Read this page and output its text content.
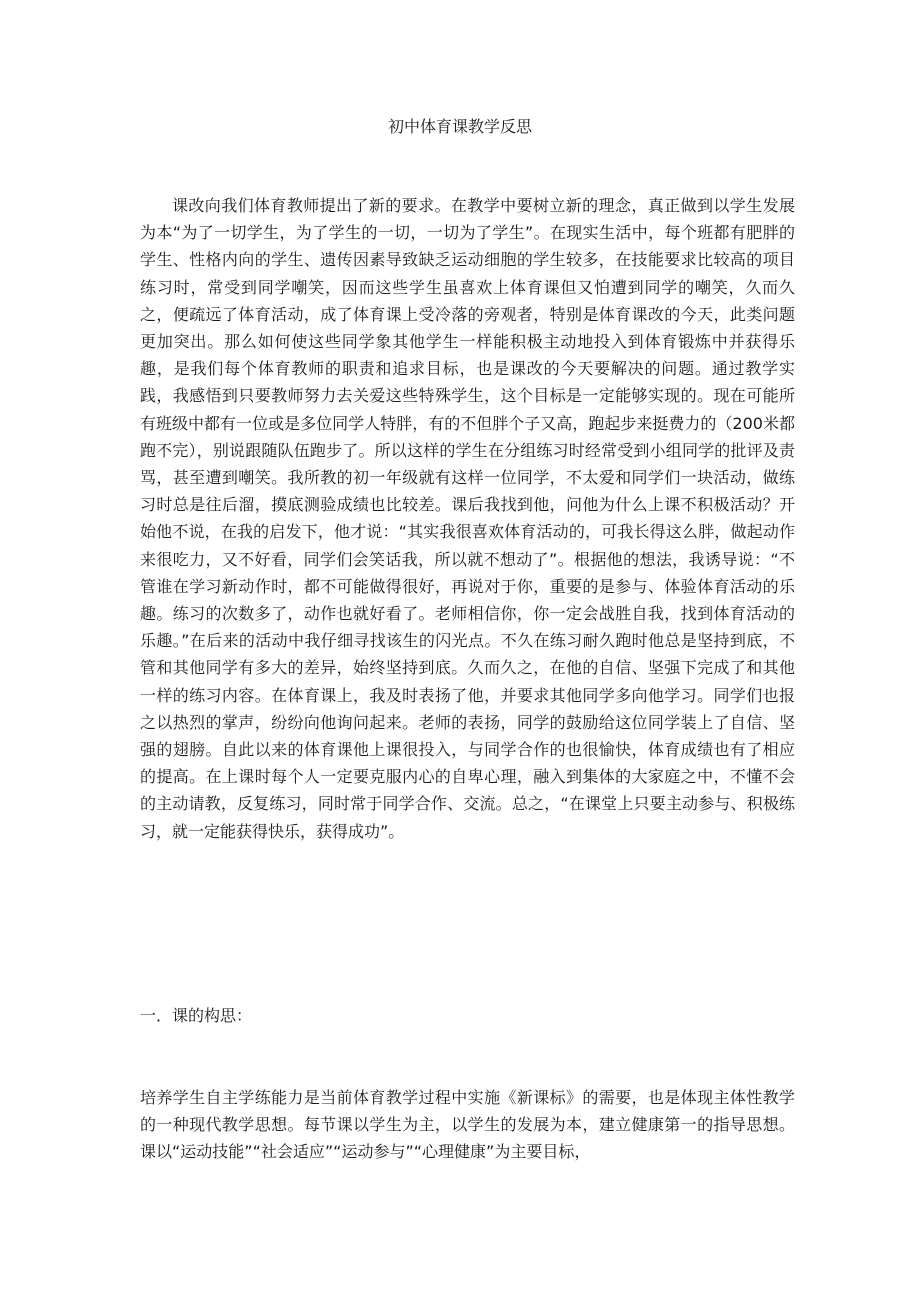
初中体育课教学反思

课改向我们体育教师提出了新的要求。在教学中要树立新的理念，真正做到以学生发展为本“为了一切学生，为了学生的一切，一切为了学生”。在现实生活中，每个班都有肥胖的学生、性格内向的学生、遗传因素导致缺乏运动细胞的学生较多，在技能要求比较高的项目练习时，常受到同学嘲笑，因而这些学生虽喜欢上体育课但又怕遭到同学的嘲笑，久而久之，便疏远了体育活动，成了体育课上受冷落的旁观者，特别是体育课改的今天，此类问题更加突出。那么如何使这些同学象其他学生一样能积极主动地投入到体育锻炼中并获得乐趣，是我们每个体育教师的职责和追求目标，也是课改的今天要解决的问题。通过教学实践，我感悟到只要教师努力去关爱这些特殊学生，这个目标是一定能够实现的。现在可能所有班级中都有一位或是多位同学人特胖，有的不但胖个子又高，跑起步来挺费力的（200米都跑不完），别说跟随队伍跑步了。所以这样的学生在分组练习时经常受到小组同学的批评及责骂，甚至遭到嘲笑。我所教的初一年级就有这样一位同学，不太爱和同学们一块活动，做练习时总是往后溜，摸底测验成绩也比较差。课后我找到他，问他为什么上课不积极活动？开始他不说，在我的启发下，他才说：“其实我很喜欢体育活动的，可我长得这么胖，做起动作来很吃力，又不好看，同学们会笑话我，所以就不想动了”。根据他的想法，我诱导说：“不管谁在学习新动作时，都不可能做得很好，再说对于你，重要的是参与、体验体育活动的乐趣。练习的次数多了，动作也就好看了。老师相信你，你一定会战胜自我，找到体育活动的乐趣。”在后来的活动中我仔细寻找该生的闪光点。不久在练习耐久跑时他总是坚持到底，不管和其他同学有多大的差异，始终坚持到底。久而久之，在他的自信、坚强下完成了和其他一样的练习内容。在体育课上，我及时表扬了他，并要求其他同学多向他学习。同学们也报之以热烈的掌声，纷纷向他询问起来。老师的表扬，同学的鼓励给这位同学装上了自信、坚强的翅膀。自此以来的体育课他上课很投入，与同学合作的也很愉快，体育成绩也有了相应的提高。在上课时每个人一定要克服内心的自卑心理，融入到集体的大家庭之中，不懂不会的主动请教，反复练习，同时常于同学合作、交流。总之，“在课堂上只要主动参与、积极练习，就一定能获得快乐，获得成功”。

一．课的构思：

培养学生自主学练能力是当前体育教学过程中实施《新课标》的需要，也是体现主体性教学的一种现代教学思想。每节课以学生为主，以学生的发展为本，建立健康第一的指导思想。课以“运动技能”“社会适应”“运动参与”“心理健康”为主要目标，
